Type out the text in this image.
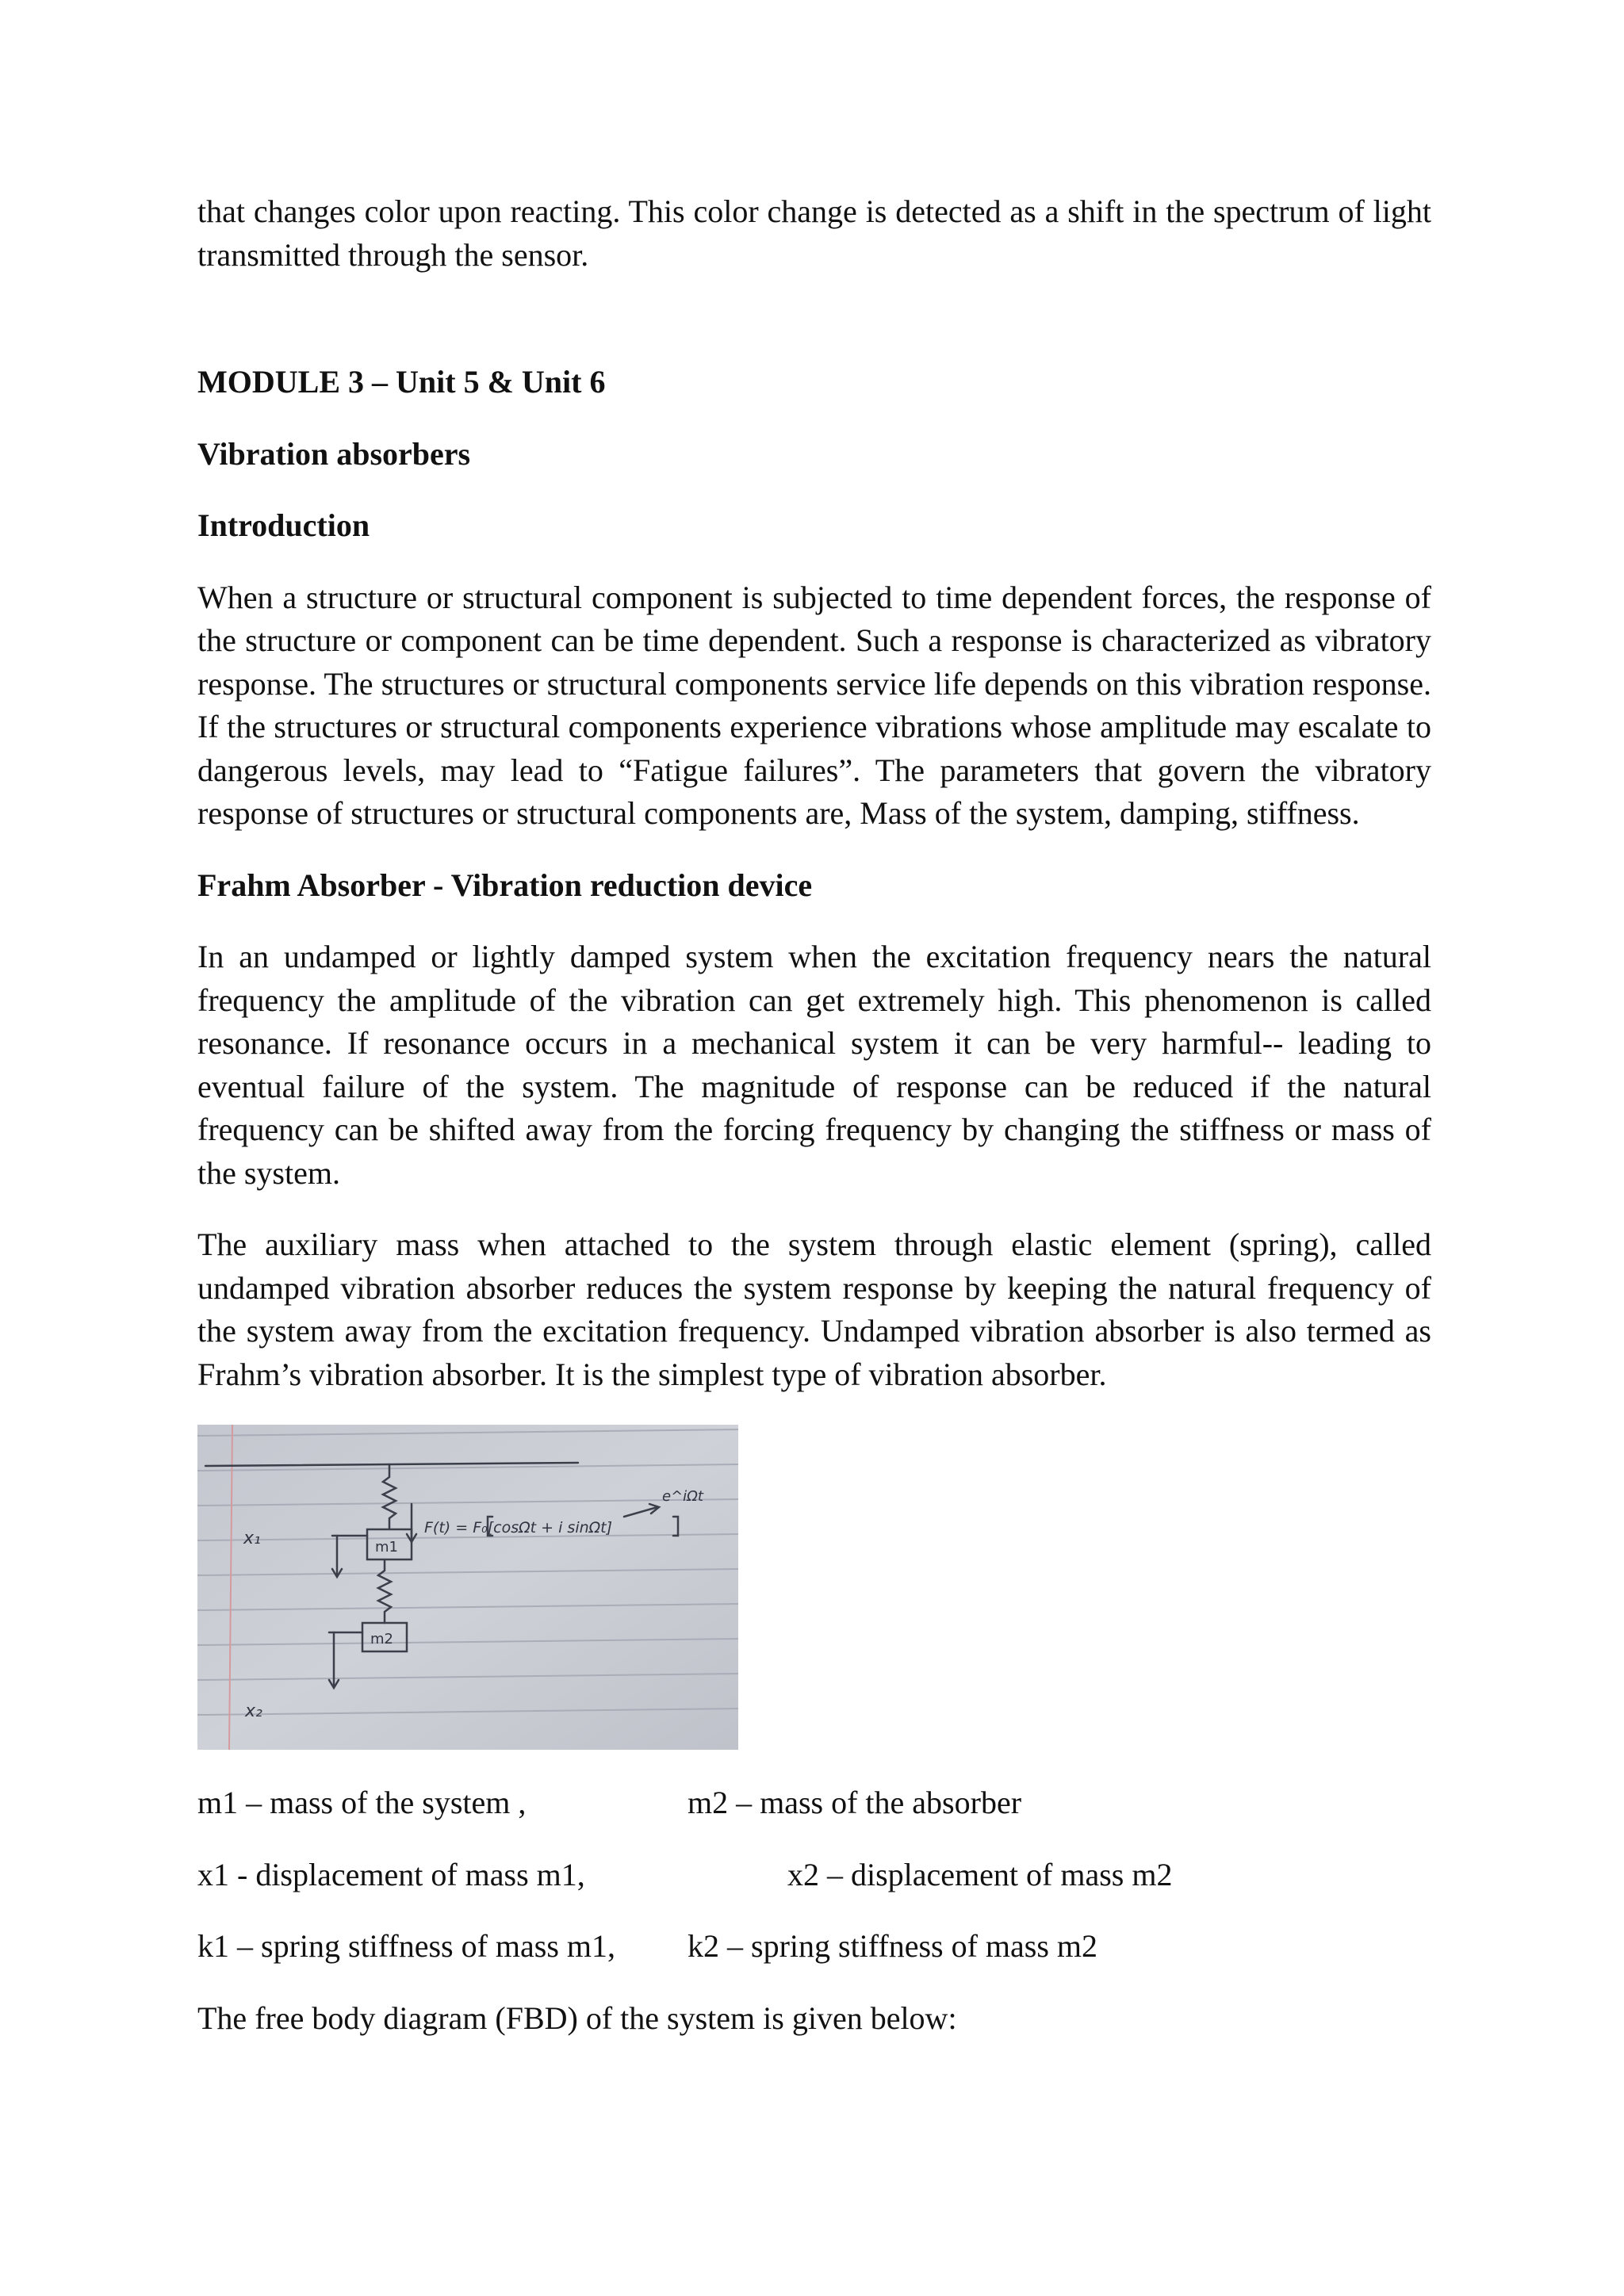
that changes color upon reacting. This color change is detected as a shift in the spectrum of light transmitted through the sensor.

MODULE 3 – Unit 5 & Unit 6
Vibration absorbers
Introduction

When a structure or structural component is subjected to time dependent forces, the response of the structure or component can be time dependent. Such a response is characterized as vibratory response. The structures or structural components service life depends on this vibration response. If the structures or structural components experience vibrations whose amplitude may escalate to dangerous levels, may lead to “Fatigue failures”. The parameters that govern the vibratory response of structures or structural components are, Mass of the system, damping, stiffness.

Frahm Absorber - Vibration reduction device

In an undamped or lightly damped system when the excitation frequency nears the natural frequency the amplitude of the vibration can get extremely high. This phenomenon is called resonance. If resonance occurs in a mechanical system it can be very harmful-- leading to eventual failure of the system. The magnitude of response can be reduced if the natural frequency can be shifted away from the forcing frequency by changing the stiffness or mass of the system.

The auxiliary mass when attached to the system through elastic element (spring), called undamped vibration absorber reduces the system response by keeping the natural frequency of the system away from the excitation frequency. Undamped vibration absorber is also termed as Frahm’s vibration absorber. It is the simplest type of vibration absorber.

m1
m2
F(t) = F₀[cosΩt + i sinΩt]
e^iΩt
x₁
x₂
m1 – mass of the system ,	m2 – mass of the absorber
x1 - displacement of mass m1,	x2 – displacement of mass m2
k1 – spring stiffness of mass m1, k2 – spring stiffness of mass m2

The free body diagram (FBD) of the system is given below:
